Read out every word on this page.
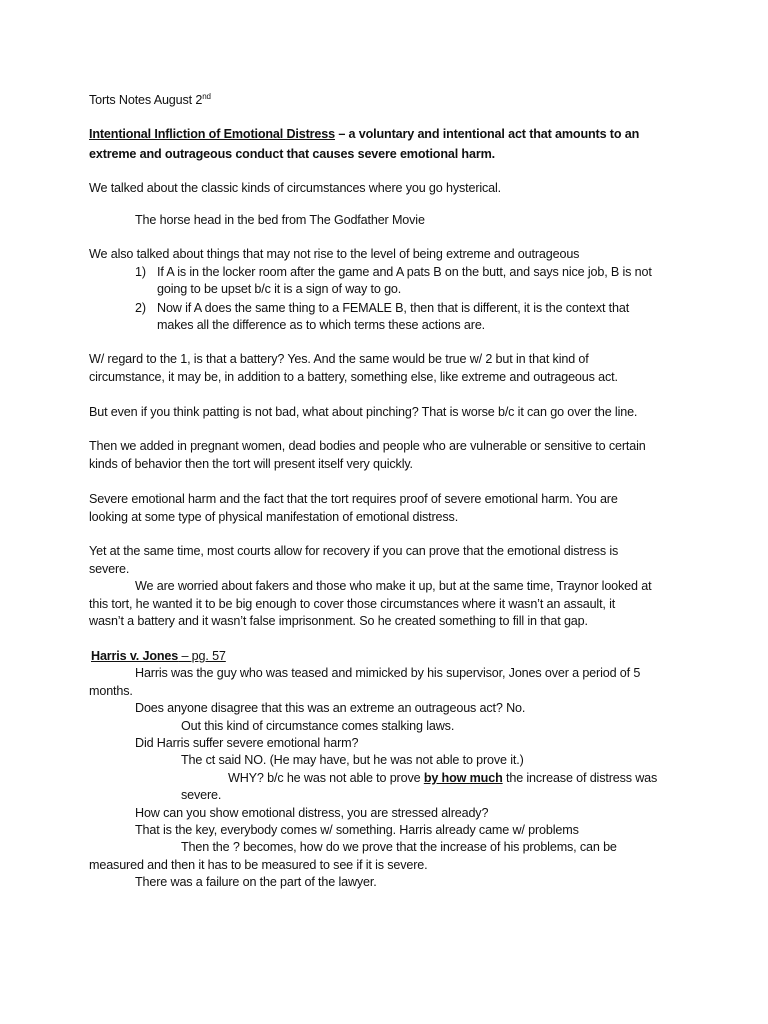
Torts Notes August 2nd
Intentional Infliction of Emotional Distress – a voluntary and intentional act that amounts to an
extreme and outrageous conduct that causes severe emotional harm.
We talked about the classic kinds of circumstances where you go hysterical.
The horse head in the bed from The Godfather Movie
We also talked about things that may not rise to the level of being extreme and outrageous
1) If A is in the locker room after the game and A pats B on the butt, and says nice job, B is not
going to be upset b/c it is a sign of way to go.
2) Now if A does the same thing to a FEMALE B, then that is different, it is the context that
makes all the difference as to which terms these actions are.
W/ regard to the 1, is that a battery? Yes. And the same would be true w/ 2 but in that kind of
circumstance, it may be, in addition to a battery, something else, like extreme and outrageous act.
But even if you think patting is not bad, what about pinching? That is worse b/c it can go over the line.
Then we added in pregnant women, dead bodies and people who are vulnerable or sensitive to certain
kinds of behavior then the tort will present itself very quickly.
Severe emotional harm and the fact that the tort requires proof of severe emotional harm. You are
looking at some type of physical manifestation of emotional distress.
Yet at the same time, most courts allow for recovery if you can prove that the emotional distress is
severe.
We are worried about fakers and those who make it up, but at the same time, Traynor looked at
this tort, he wanted it to be big enough to cover those circumstances where it wasn’t an assault, it
wasn’t a battery and it wasn’t false imprisonment. So he created something to fill in that gap.
Harris v. Jones – pg. 57
Harris was the guy who was teased and mimicked by his supervisor, Jones over a period of 5
months.
Does anyone disagree that this was an extreme an outrageous act? No.
Out this kind of circumstance comes stalking laws.
Did Harris suffer severe emotional harm?
The ct said NO. (He may have, but he was not able to prove it.)
WHY? b/c he was not able to prove by how much the increase of distress was
severe.
How can you show emotional distress, you are stressed already?
That is the key, everybody comes w/ something. Harris already came w/ problems
Then the ? becomes, how do we prove that the increase of his problems, can be
measured and then it has to be measured to see if it is severe.
There was a failure on the part of the lawyer.
